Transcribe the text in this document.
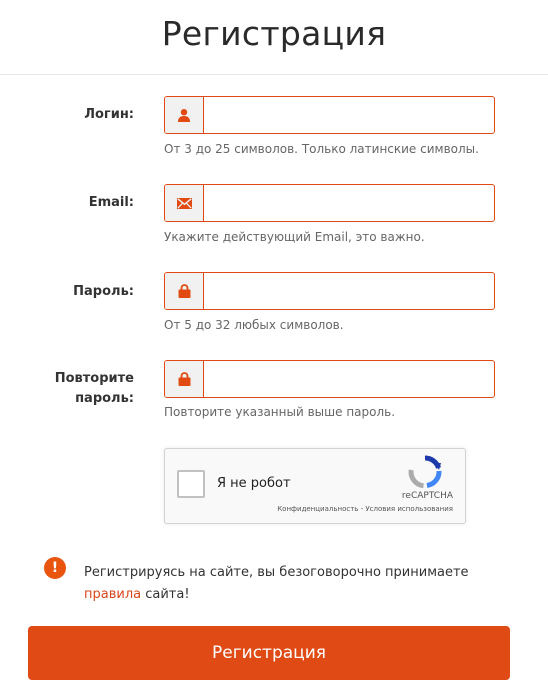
Регистрация
Логин:
От 3 до 25 символов. Только латинские символы.
Email:
Укажите действующий Email, это важно.
Пароль:
От 5 до 32 любых символов.
Повторите
пароль:
Повторите указанный выше пароль.
Я не робот
reCAPTCHA
Конфиденциальность - Условия использования
!	Регистрируясь на сайте, вы безоговорочно принимаете правила сайта!

Регистрация
